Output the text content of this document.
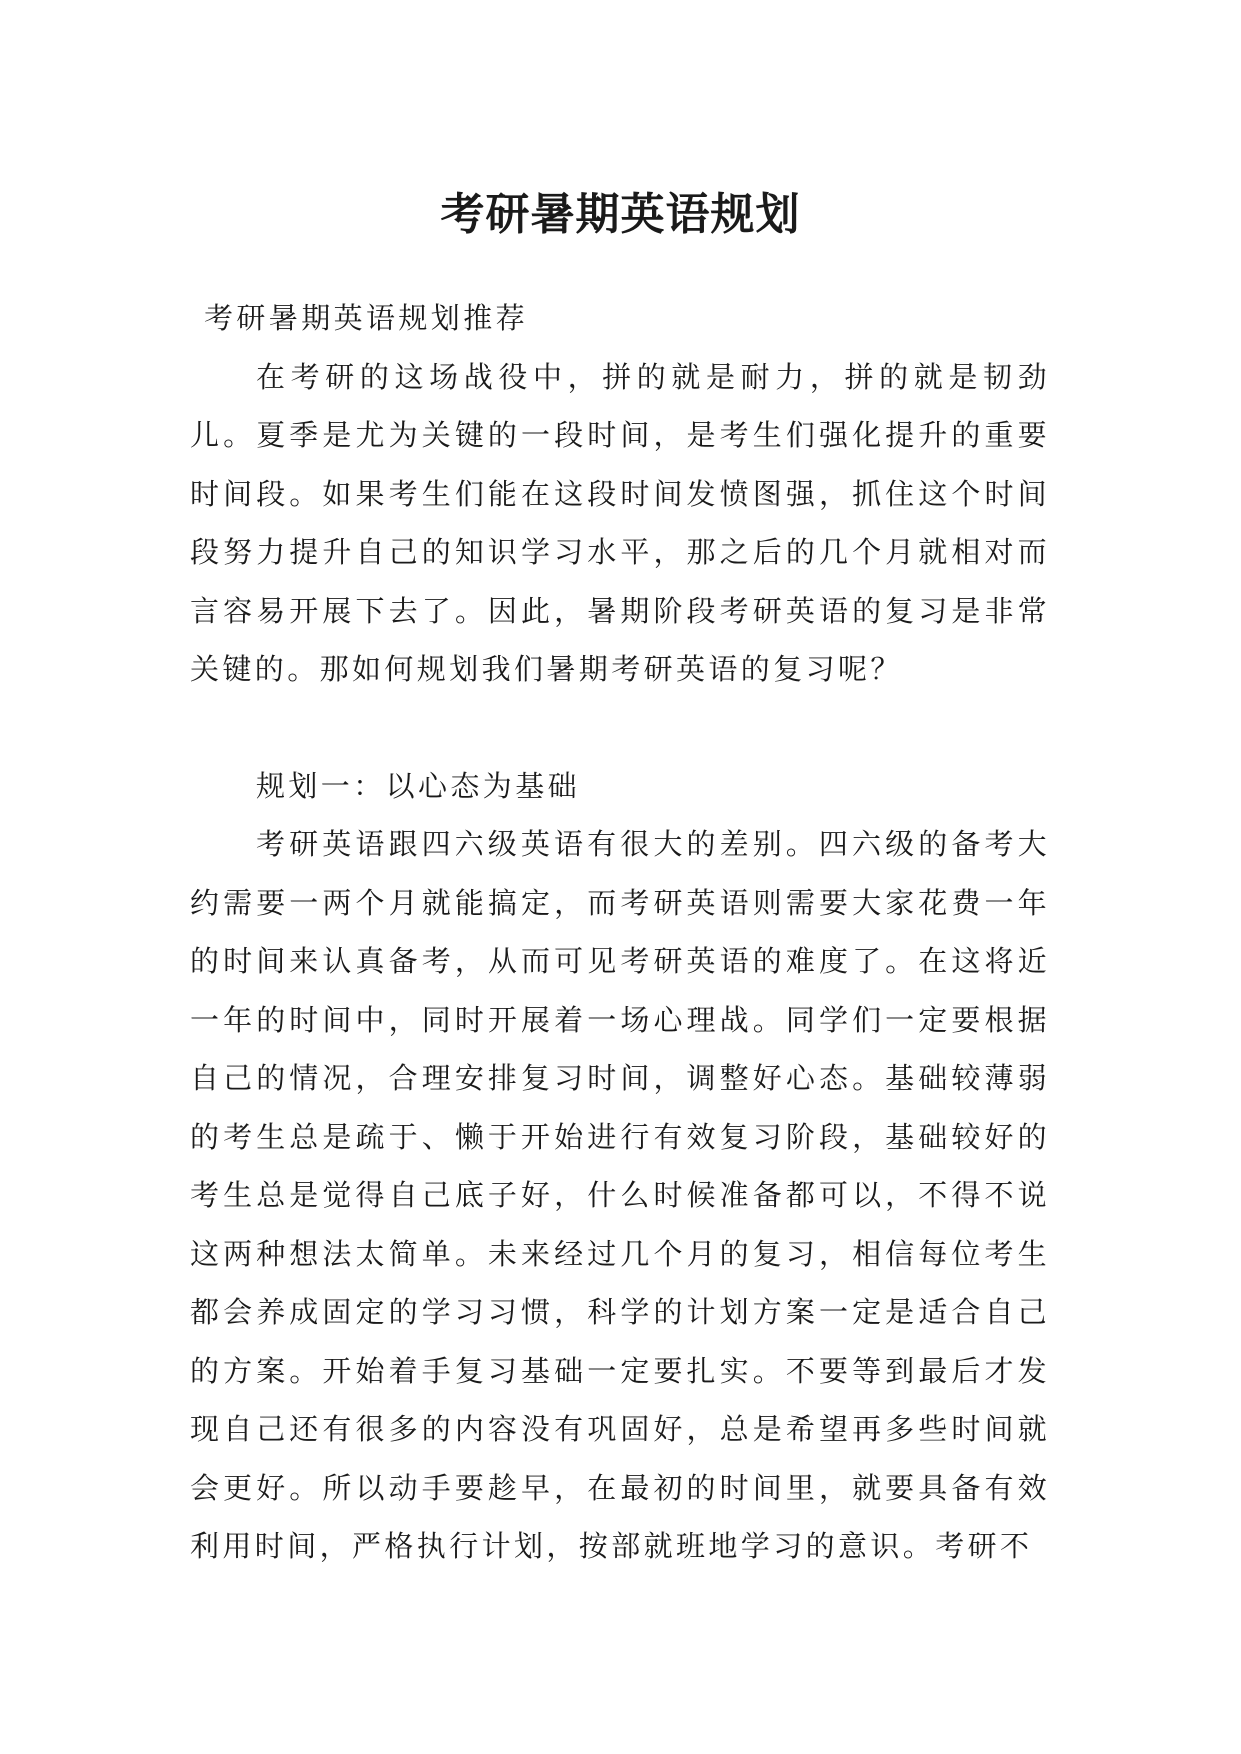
考研暑期英语规划

考研暑期英语规划推荐

在考研的这场战役中，拼的就是耐力，拼的就是韧劲儿。夏季是尤为关键的一段时间，是考生们强化提升的重要时间段。如果考生们能在这段时间发愤图强，抓住这个时间段努力提升自己的知识学习水平，那之后的几个月就相对而言容易开展下去了。因此，暑期阶段考研英语的复习是非常关键的。那如何规划我们暑期考研英语的复习呢？

规划一：以心态为基础

考研英语跟四六级英语有很大的差别。四六级的备考大约需要一两个月就能搞定，而考研英语则需要大家花费一年的时间来认真备考，从而可见考研英语的难度了。在这将近一年的时间中，同时开展着一场心理战。同学们一定要根据自己的情况，合理安排复习时间，调整好心态。基础较薄弱的考生总是疏于、懒于开始进行有效复习阶段，基础较好的考生总是觉得自己底子好，什么时候准备都可以，不得不说这两种想法太简单。未来经过几个月的复习，相信每位考生都会养成固定的学习习惯，科学的计划方案一定是适合自己的方案。开始着手复习基础一定要扎实。不要等到最后才发现自己还有很多的内容没有巩固好，总是希望再多些时间就会更好。所以动手要趁早，在最初的时间里，就要具备有效利用时间，严格执行计划，按部就班地学习的意识。考研不
